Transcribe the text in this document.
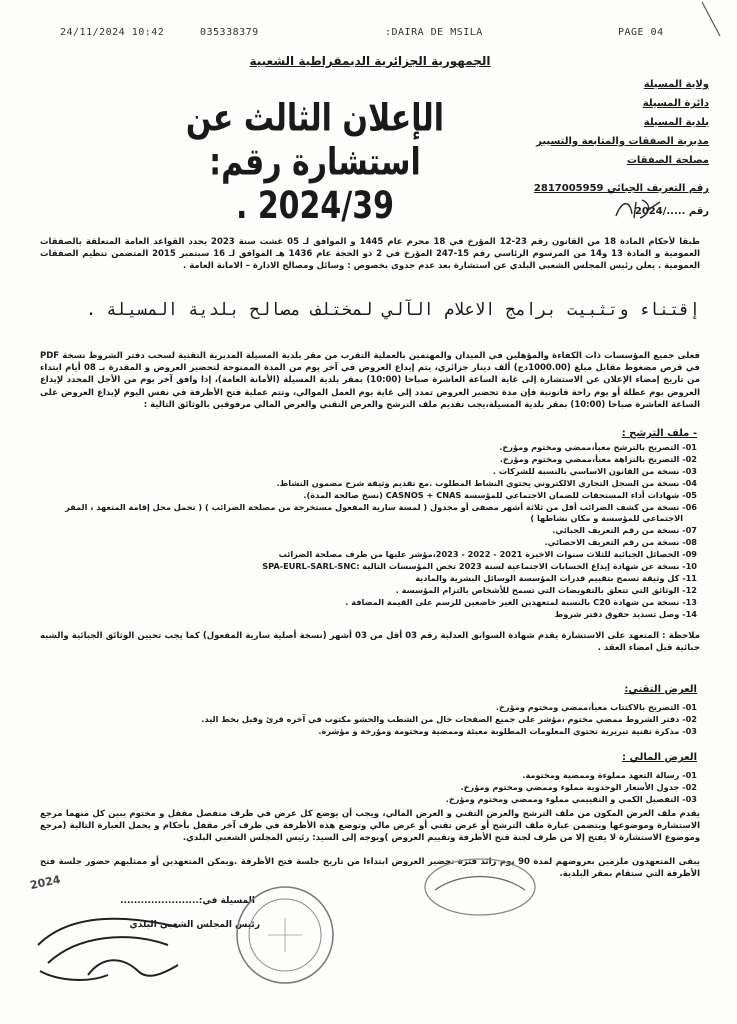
24/11/2024 10:42	035338379	:DAIRA DE MSILA	PAGE 04
الجمهورية الجزائرية الديمقراطية الشعبية
ولاية المسيلة
دائرة المسيلة
بلدية المسيلة
مديرية الصفقات والمتابعة والتسيير
مصلحة الصفقات
رقم التعريف الجبائي 2817005959
رقم ...../2024
الإعلان الثالث عن استشارة رقم: 2024/39 .
طبقا لأحكام المادة 18 من القانون رقم 23-12 المؤرخ في 18 محرم عام 1445 و الموافق لـ 05 غشت سنة 2023 يحدد القواعد العامة المتعلقة بالصفقات العمومية و المادة 13 و14 من المرسوم الرئاسي رقم 15-247 المؤرخ في 2 ذو الحجة عام 1436 هـ الموافق لـ 16 سبتمبر 2015 المتضمن تنظيم الصفقات العمومية . يعلن رئيس المجلس الشعبي البلدي عن استشارة بعد عدم جدوى بخصوص : وسائل ومصالح الادارة – الامانة العامة .
إقتناء وتثبيت برامج الاعلام الآلي لمختلف مصالح بلدية المسيلة .
فعلى جميع المؤسسات ذات الكفاءة والمؤهلين في الميدان والمهتمين بالعملية التقرب من مقر بلدية المسيلة المديرية التقنية لسحب دفتر الشروط نسخة PDF في قرص مضغوط مقابل مبلغ (1000.00دج) ألف دينار جزائري، يتم إيداع العروض في آخر يوم من المدة الممنوحة لتحضير العروض و المقدرة بـ 08 أيام ابتداء من تاريخ إمضاء الإعلان عن الاستشارة إلى غاية الساعة العاشرة صباحا (10:00) بمقر بلدية المسيلة (الأمانة العامة)، إذا وافق آخر يوم من الأجل المحدد لإيداع العروض يوم عطلة أو يوم راحة قانونية فإن مدة تحضير العروض تمدد إلى غاية يوم العمل الموالي، وتتم عملية فتح الأظرفة في نفس اليوم لإيداع العروض على الساعة العاشرة صباحا (10:00) بمقر بلدية المسيلة،يجب تقديم ملف الترشح والعرض التقني والعرض المالي مرفوقين بالوثائق التالية :
- ملف الترشح :
01- التصريح بالترشح معبأ،ممضي ومختوم ومؤرخ.
02- التصريح بالنزاهة معبأ،ممضي ومختوم ومؤرخ.
03- نسخة من القانون الاساسي بالنسبة للشركات .
04- نسخة من السجل التجاري الالكتروني يحتوي النشاط المطلوب .مع تقديم وثيقة شرح مضمون النشاط.
05- شهادات أداء المستحقات للضمان الاجتماعي للمؤسسة CASNOS + CNAS (نسخ صالحة المدة).
06- نسخة من كشف الضرائب أقل من ثلاثة أشهر مصفى أو مجدول ( لمسة سارية المفعول مستخرجة من مصلحة الضرائب ) ( تحمل محل إقامة المتعهد ، المقر
الاجتماعي للمؤسسة و مكان نشاطها )
07- نسخة من رقم التعريف الجبائي.
08- نسخة من رقم التعريف الاحصائي.
09- الحصائل الجبائية للثلاث سنوات الاخيرة 2021 - 2022 - 2023،مؤشر عليها من طرف مصلحة الضرائب
10- نسخة عن شهادة إيداع الحسابات الاجتماعية لسنة 2023 تخص المؤسسات التالية :SPA-EURL-SARL-SNC
11- كل وثيقة تسمح بتقييم قدرات المؤسسة الوسائل البشرية والمادية
12- الوثائق التي تتعلق بالتفويضات التي تسمح للأشخاص بالتزام المؤسسة .
13- نسخة من شهادة C20 بالنسبة لمتعهدين الغير خاضعين للرسم على القيمة المضافة .
14- وصل تسديد حقوق دفتر شروط
ملاحظة : المتعهد على الاستشارة يقدم شهادة السوابق العدلية رقم 03 أقل من 03 أشهر (نسخة أصلية سارية المفعول) كما يجب تحيين الوثائق الجبائية والشبه جبائية قبل امضاء العقد .
العرض التقني:
01- التصريح بالاكتتاب معبأ،ممضي ومختوم ومؤرخ.
02- دفتر الشروط ممضي مختوم ،مؤشر على جميع الصفحات خال من الشطب والحشو مكتوب في آخره قرئ وقبل بخط اليد.
03- مذكرة تقنية تبريرية تحتوي المعلومات المطلوبة معبئة وممضية ومختومة ومؤرخة و مؤشرة.
العرض المالي :
01- رسالة التعهد مملوءة وممضية ومختومة.
02- جدول الأسعار الوحدوية مملوء وممضي ومختوم ومؤرخ.
03- التفصيل الكمي و التقييمي مملوء وممضي ومختوم ومؤرخ.
يقدم ملف العرض المكون من ملف الترشح والعرض التقني و العرض المالي، ويجب أن يوضع كل عرض في ظرف منفصل مقفل و مختوم يبين كل منهما مرجع الاستشارة وموضوعها ويتضمن عبارة ملف الترشح أو عرض تقني أو عرض مالي وتوضع هذه الأظرفة في ظرف آخر مقفل بأحكام و يحمل العبارة التالية (مرجع وموضوع الاستشارة لا يفتح إلا من طرف لجنة فتح الأظرفة وتقييم العروض )ويوجه إلى السيد: رئيس المجلس الشعبي البلدي.
يبقى المتعهدون ملزمين بعروضهم لمدة 90 يوم زائد فترة تحضير العروض ابتداءا من تاريخ جلسة فتح الأظرفة .ويمكن المتعهدين أو ممثليهم حضور جلسة فتح الأظرفة التي ستقام بمقر البلدية.
المسيلة في:.......................
رئيس المجلس الشعبي البلدي
2024
